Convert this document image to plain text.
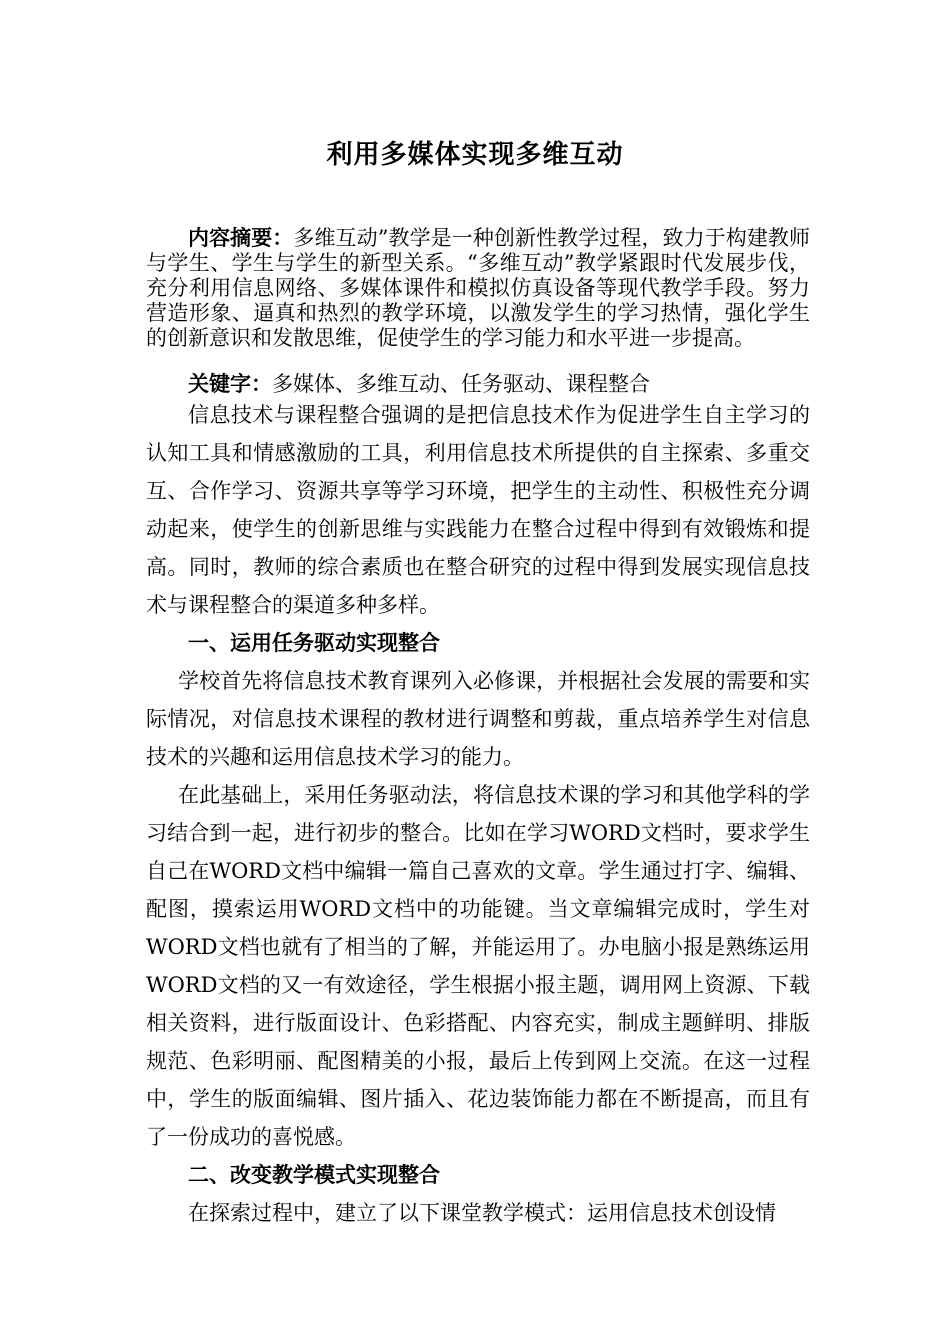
利用多媒体实现多维互动
内容摘要：多维互动”教学是一种创新性教学过程，致力于构建教师与学生、学生与学生的新型关系。“多维互动”教学紧跟时代发展步伐，充分利用信息网络、多媒体课件和模拟仿真设备等现代教学手段。努力营造形象、逼真和热烈的教学环境，以激发学生的学习热情，强化学生的创新意识和发散思维，促使学生的学习能力和水平进一步提高。
关键字：多媒体、多维互动、任务驱动、课程整合

信息技术与课程整合强调的是把信息技术作为促进学生自主学习的认知工具和情感激励的工具，利用信息技术所提供的自主探索、多重交互、合作学习、资源共享等学习环境，把学生的主动性、积极性充分调动起来，使学生的创新思维与实践能力在整合过程中得到有效锻炼和提高。同时，教师的综合素质也在整合研究的过程中得到发展实现信息技术与课程整合的渠道多种多样。

一、运用任务驱动实现整合

学校首先将信息技术教育课列入必修课，并根据社会发展的需要和实际情况，对信息技术课程的教材进行调整和剪裁，重点培养学生对信息技术的兴趣和运用信息技术学习的能力。

在此基础上，采用任务驱动法，将信息技术课的学习和其他学科的学习结合到一起，进行初步的整合。比如在学习WORD文档时，要求学生自己在WORD文档中编辑一篇自己喜欢的文章。学生通过打字、编辑、配图，摸索运用WORD文档中的功能键。当文章编辑完成时，学生对WORD文档也就有了相当的了解，并能运用了。办电脑小报是熟练运用WORD文档的又一有效途径，学生根据小报主题，调用网上资源、下载相关资料，进行版面设计、色彩搭配、内容充实，制成主题鲜明、排版规范、色彩明丽、配图精美的小报，最后上传到网上交流。在这一过程中，学生的版面编辑、图片插入、花边装饰能力都在不断提高，而且有了一份成功的喜悦感。

二、改变教学模式实现整合

在探索过程中，建立了以下课堂教学模式：运用信息技术创设情
